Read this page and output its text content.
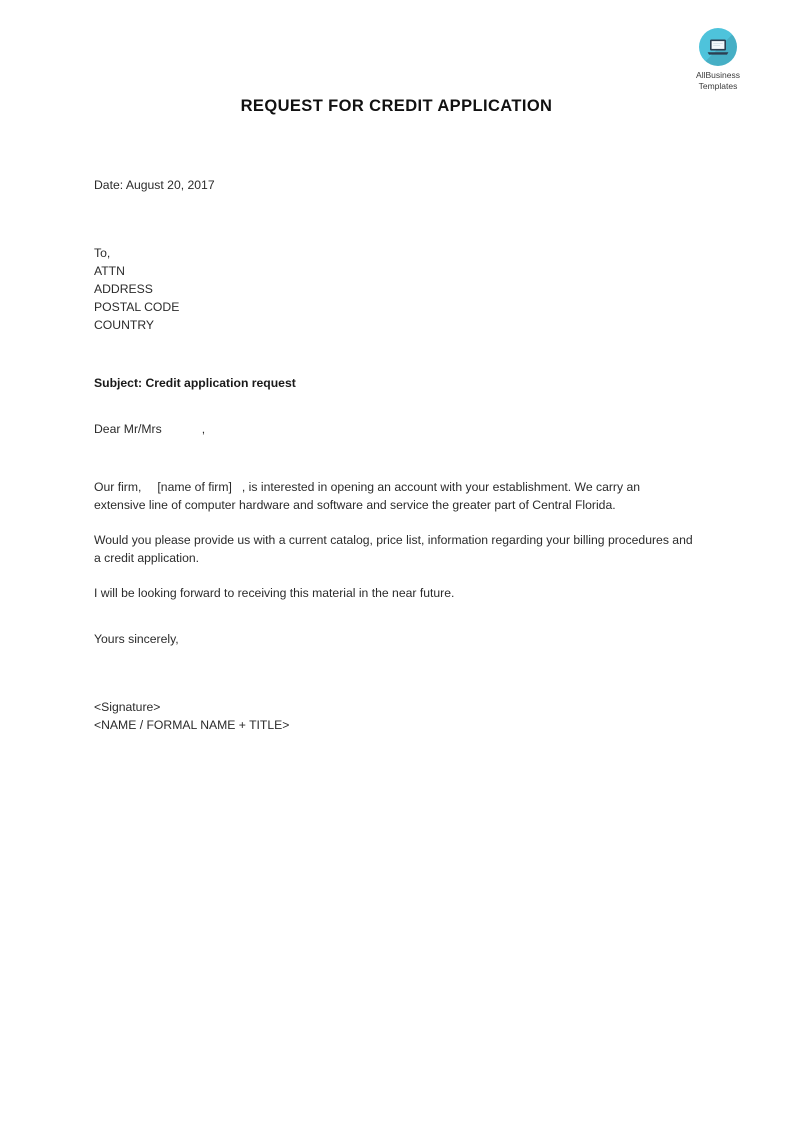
AllBusiness
Templates
REQUEST FOR CREDIT APPLICATION
Date: August 20, 2017
To,
ATTN
ADDRESS
POSTAL CODE
COUNTRY
Subject: Credit application request
Dear Mr/Mrs	,

Our firm, [name of firm] , is interested in opening an account with your establishment. We carry an extensive line of computer hardware and software and service the greater part of Central Florida.

Would you please provide us with a current catalog, price list, information regarding your billing procedures and a credit application.

I will be looking forward to receiving this material in the near future.

Yours sincerely,
<Signature>
<NAME / FORMAL NAME + TITLE>
